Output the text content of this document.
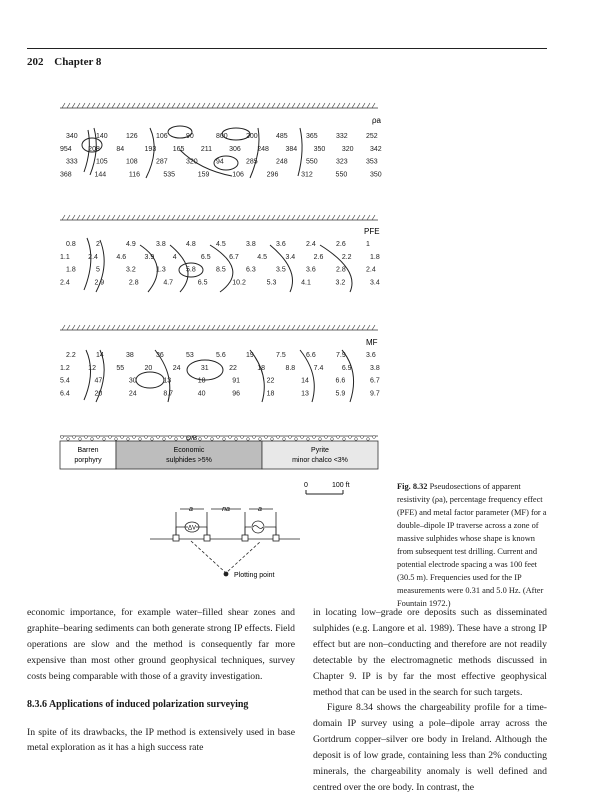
202 Chapter 8
ρa
PFE
MF
340	140	126	106	90	800	200	485	365	332	252
954 208 84	193 165 211 306 248 384 350 320 342
333	105	108	287	320	94	285	248	550	323	353
368	144	116	535	159	106	296	312	550	350
0.8	2	4.9	3.8	4.8	4.5	3.8	3.6	2.4	2.6	1
1.1	2.4	4.6	3.9	4	6.5	6.7	4.5	3.4	2.6	2.2	1.8
1.8	5	3.2	1.3	5.8	8.5	6.3	3.5	3.6	2.8	2.4
2.4	2.9	2.8	4.7	6.5	10.2	5.3	4.1	3.2	3.4
2.2	14	38	36	53	5.6	19	7.5	6.6	7.9	3.6
1.2	12	55	20	24	31	22	18	8.8	7.4	6.9	3.8
5.4	47	30	13	18	91	22	14	6.6	6.7
6.4	20	24	8.7	40	96	18	13	5.9	9.7
O/B
Barren
porphyry
Economic
sulphides >5%
Pyrite
minor chalco <3%
0	100 ft
a	na	a
ΔV
Plotting point
Fig. 8.32 Pseudosections of apparent resistivity (ρa), percentage frequency effect (PFE) and metal factor parameter (MF) for a double–dipole IP traverse across a zone of massive sulphides whose shape is known from subsequent test drilling. Current and potential electrode spacing a was 100 feet (30.5 m). Frequencies used for the IP measurements were 0.31 and 5.0 Hz. (After Fountain 1972.)

economic importance, for example water–filled shear zones and graphite–bearing sediments can both generate strong IP effects. Field operations are slow and the method is consequently far more expensive than most other ground geophysical techniques, survey costs being comparable with those of a gravity investigation.

8.3.6 Applications of induced polarization surveying

In spite of its drawbacks, the IP method is extensively used in base metal exploration as it has a high success rate

in locating low–grade ore deposits such as disseminated sulphides (e.g. Langore et al. 1989). These have a strong IP effect but are non–conducting and therefore are not readily detectable by the electromagnetic methods discussed in Chapter 9. IP is by far the most effective geophysical method that can be used in the search for such targets.

Figure 8.34 shows the chargeability profile for a time-domain IP survey using a pole–dipole array across the Gortdrum copper–silver ore body in Ireland. Although the deposit is of low grade, containing less than 2% conducting minerals, the chargeability anomaly is well defined and centred over the ore body. In contrast, the
